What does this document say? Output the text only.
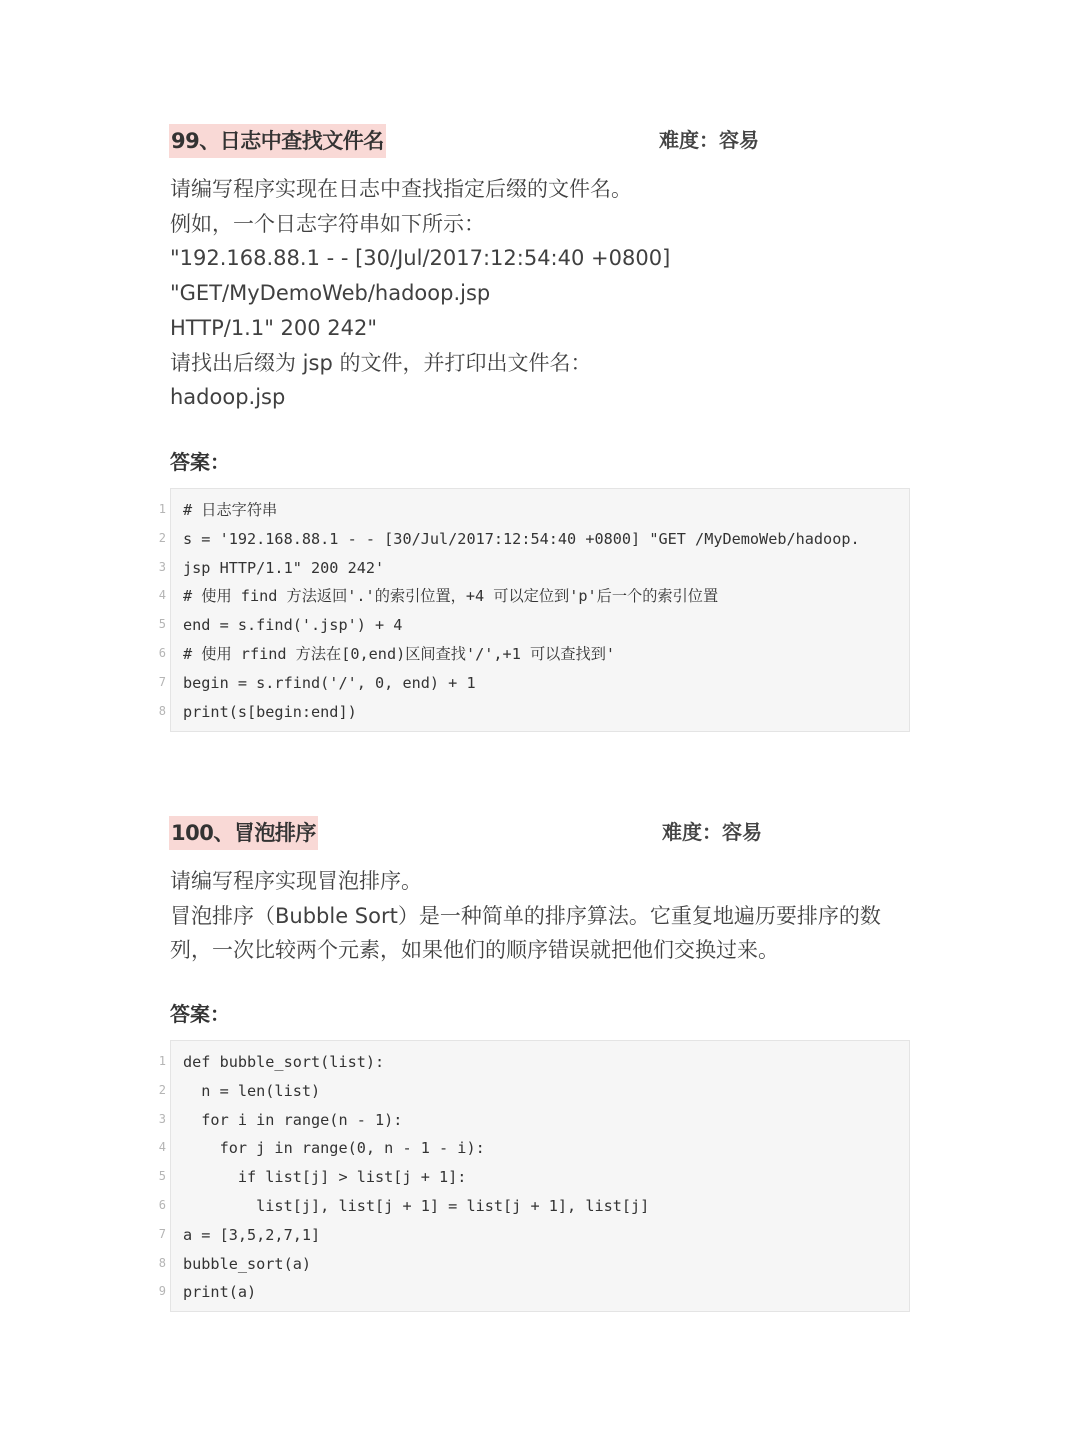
99、日志中查找文件名	难度：容易
请编写程序实现在日志中查找指定后缀的文件名。
例如，一个日志字符串如下所示：
"192.168.88.1 - - [30/Jul/2017:12:54:40 +0800]
"GET/MyDemoWeb/hadoop.jsp
HTTP/1.1" 200 242"
请找出后缀为 jsp 的文件，并打印出文件名：
hadoop.jsp
答案：
1
2
3
4
5
6
7
8
# 日志字符串
s = '192.168.88.1 - - [30/Jul/2017:12:54:40 +0800] "GET /MyDemoWeb/hadoop.
jsp HTTP/1.1" 200 242'
# 使用 find 方法返回'.'的索引位置，+4 可以定位到'p'后一个的索引位置
end = s.find('.jsp') + 4
# 使用 rfind 方法在[0,end)区间查找'/',+1 可以查找到'
begin = s.rfind('/', 0, end) + 1
print(s[begin:end])
100、冒泡排序	难度：容易
请编写程序实现冒泡排序。
冒泡排序（Bubble Sort）是一种简单的排序算法。它重复地遍历要排序的数
列，一次比较两个元素，如果他们的顺序错误就把他们交换过来。
答案：
1
2
3
4
5
6
7
8
9
def bubble_sort(list):
n = len(list)
for i in range(n - 1):
for j in range(0, n - 1 - i):
if list[j] > list[j + 1]:
list[j], list[j + 1] = list[j + 1], list[j]
a = [3,5,2,7,1]
bubble_sort(a)
print(a)
